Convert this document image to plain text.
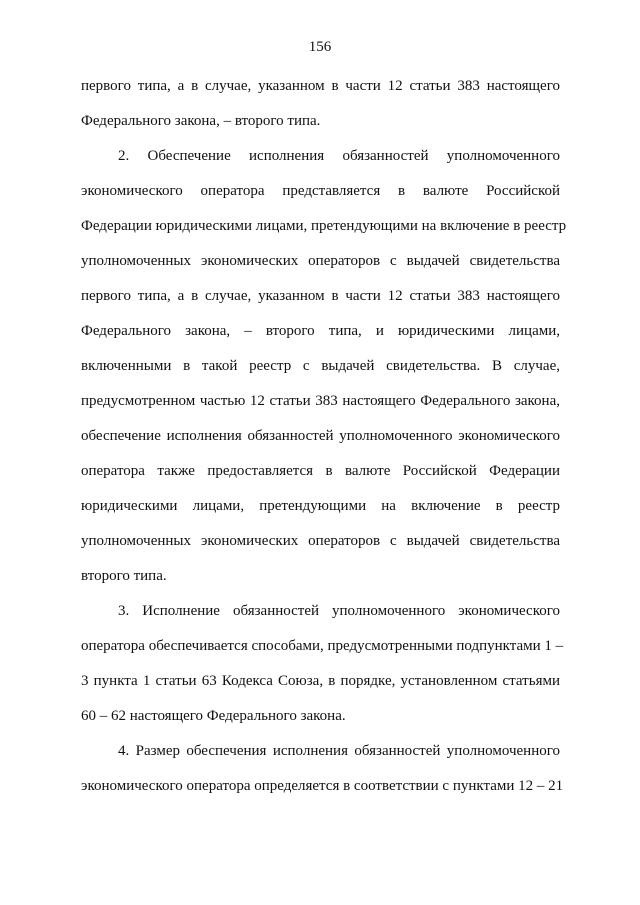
156
первого типа, а в случае, указанном в части 12 статьи 383 настоящего
Федерального закона, – второго типа.
2. Обеспечение исполнения обязанностей уполномоченного
экономического оператора представляется в валюте Российской
Федерации юридическими лицами, претендующими на включение в реестр
уполномоченных экономических операторов с выдачей свидетельства
первого типа, а в случае, указанном в части 12 статьи 383 настоящего
Федерального закона, – второго типа, и юридическими лицами,
включенными в такой реестр с выдачей свидетельства. В случае,
предусмотренном частью 12 статьи 383 настоящего Федерального закона,
обеспечение исполнения обязанностей уполномоченного экономического
оператора также предоставляется в валюте Российской Федерации
юридическими лицами, претендующими на включение в реестр
уполномоченных экономических операторов с выдачей свидетельства
второго типа.
3. Исполнение обязанностей уполномоченного экономического
оператора обеспечивается способами, предусмотренными подпунктами 1 –
3 пункта 1 статьи 63 Кодекса Союза, в порядке, установленном статьями
60 – 62 настоящего Федерального закона.
4. Размер обеспечения исполнения обязанностей уполномоченного
экономического оператора определяется в соответствии с пунктами 12 – 21
